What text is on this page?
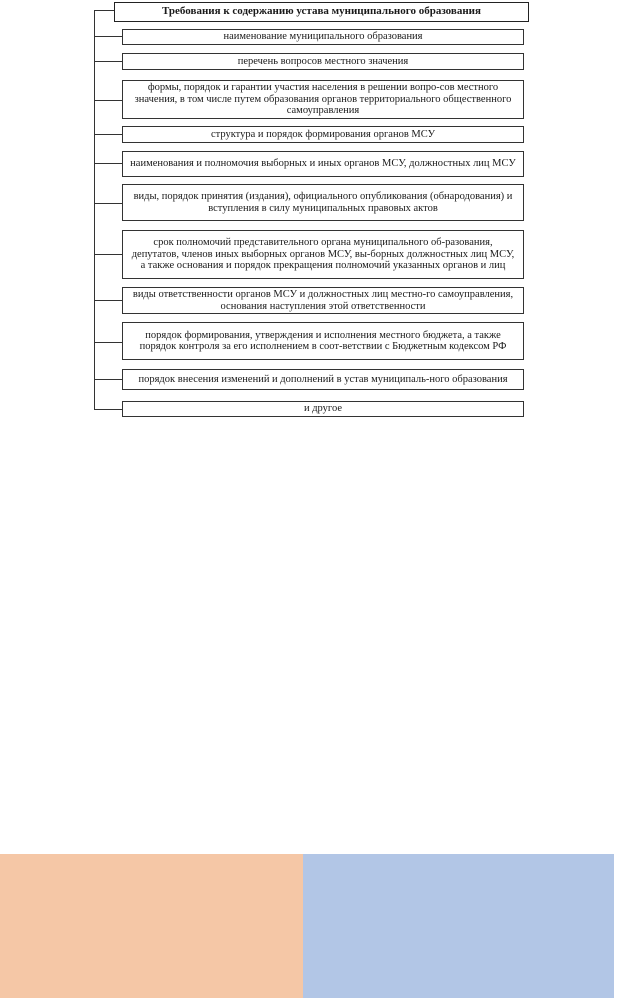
Требования к содержанию устава муниципального образования
наименование муниципального образования
перечень вопросов местного значения
формы, порядок и гарантии участия населения в решении вопро-сов местного значения, в том числе путем образования органов территориального общественного самоуправления
структура и порядок формирования органов МСУ
наименования и полномочия выборных и иных органов МСУ, должностных лиц МСУ
виды, порядок принятия (издания), официального опубликования (обнародования) и вступления в силу муниципальных правовых актов
срок полномочий представительного органа муниципального об-разования, депутатов, членов иных выборных органов МСУ, вы-борных должностных лиц МСУ, а также основания и порядок прекращения полномочий указанных органов и лиц
виды ответственности органов МСУ и должностных лиц местно-го самоуправления, основания наступления этой ответственности
порядок формирования, утверждения и исполнения местного бюджета, а также порядок контроля за его исполнением в соот-ветствии с Бюджетным кодексом РФ
порядок внесения изменений и дополнений в устав муниципаль-ного образования
и другое
